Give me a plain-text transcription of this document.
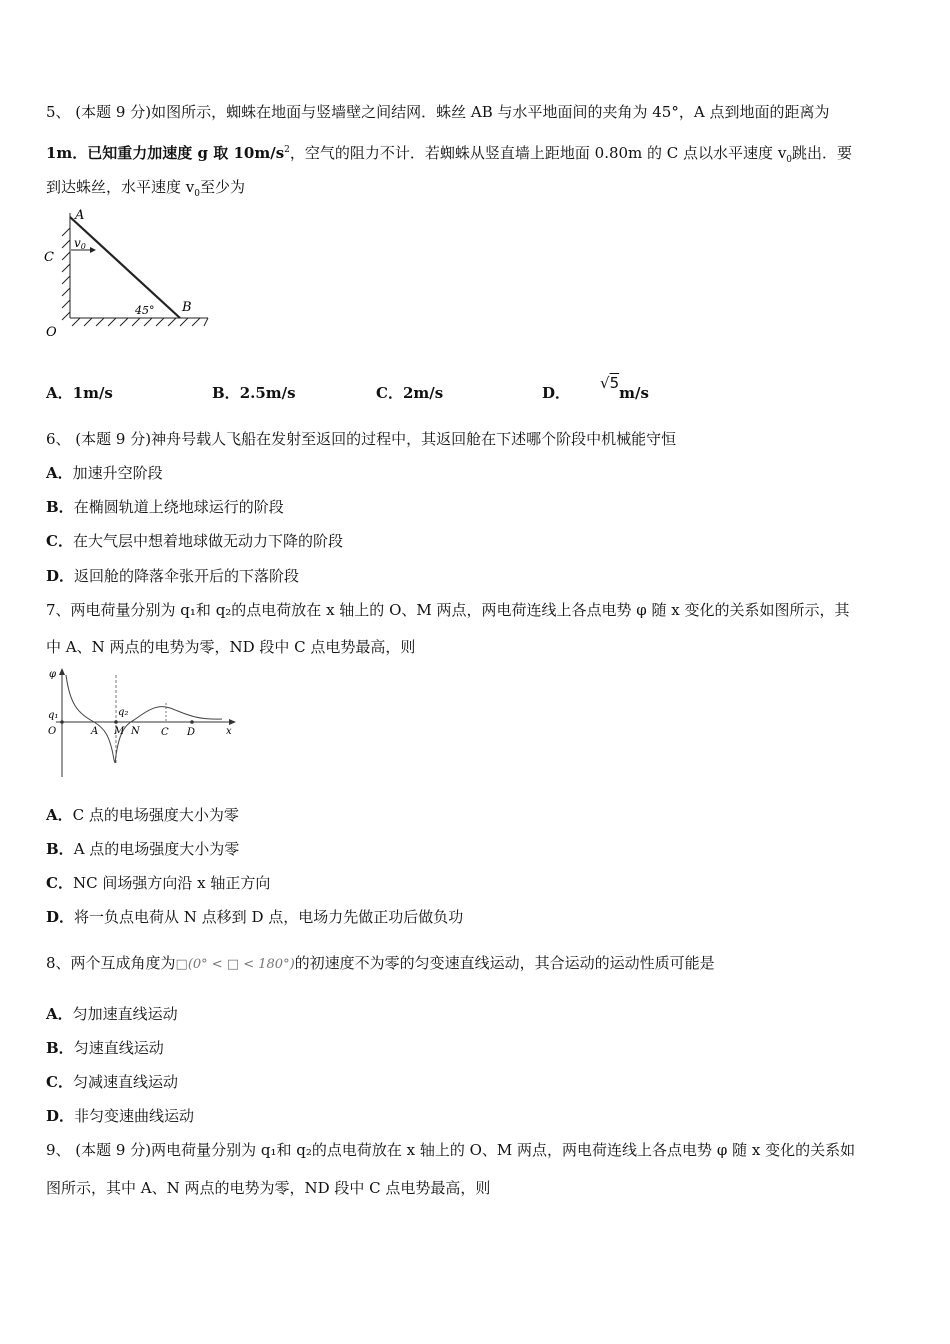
5、 (本题 9 分)如图所示，蜘蛛在地面与竖墙壁之间结网．蛛丝 AB 与水平地面间的夹角为 45°，A 点到地面的距离为
1m．已知重力加速度 g 取 $10m/s^2$，空气的阻力不计．若蜘蛛从竖直墙上距地面 0.80m 的 C 点以水平速度 $v_0$跳出．要
到达蛛丝，水平速度 $v_0$至少为
A
C
O
B
v0
45°
A．1m/s	B．2.5m/s	C．2m/s	D．√5m/s
6、 (本题 9 分)神舟号载人飞船在发射至返回的过程中，其返回舱在下述哪个阶段中机械能守恒
A．加速升空阶段
B．在椭圆轨道上绕地球运行的阶段
C．在大气层中想着地球做无动力下降的阶段
D．返回舱的降落伞张开后的下落阶段
7、两电荷量分别为 q₁和 q₂的点电荷放在 x 轴上的 O、M 两点，两电荷连线上各点电势 φ 随 x 变化的关系如图所示，其
中 A、N 两点的电势为零，ND 段中 C 点电势最高，则
φ
q₁	q₂
O	A M N C D	x
A．C 点的电场强度大小为零
B．A 点的电场强度大小为零
C．NC 间场强方向沿 x 轴正方向
D．将一负点电荷从 N 点移到 D 点，电场力先做正功后做负功
8、两个互成角度为□(0° < □ < 180°)的初速度不为零的匀变速直线运动，其合运动的运动性质可能是
A．匀加速直线运动
B．匀速直线运动
C．匀减速直线运动
D．非匀变速曲线运动
9、 (本题 9 分)两电荷量分别为 q₁和 q₂的点电荷放在 x 轴上的 O、M 两点，两电荷连线上各点电势 φ 随 x 变化的关系如
图所示，其中 A、N 两点的电势为零，ND 段中 C 点电势最高，则
